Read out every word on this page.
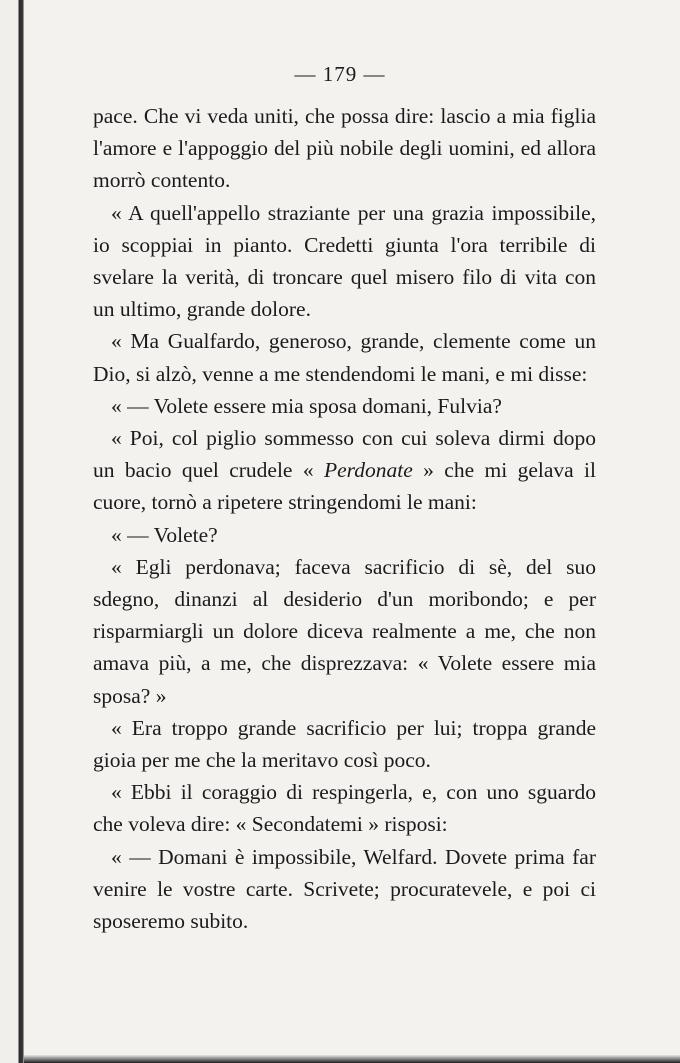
— 179 —

pace. Che vi veda uniti, che possa dire: lascio a mia figlia l'amore e l'appoggio del più nobile degli uomini, ed allora morrò contento.

« A quell'appello straziante per una grazia impossibile, io scoppiai in pianto. Credetti giunta l'ora terribile di svelare la verità, di troncare quel misero filo di vita con un ultimo, grande dolore.

« Ma Gualfardo, generoso, grande, clemente come un Dio, si alzò, venne a me stendendomi le mani, e mi disse:

« — Volete essere mia sposa domani, Fulvia?

« Poi, col piglio sommesso con cui soleva dirmi dopo un bacio quel crudele « Perdonate » che mi gelava il cuore, tornò a ripetere stringendomi le mani:

« — Volete?

« Egli perdonava; faceva sacrificio di sè, del suo sdegno, dinanzi al desiderio d'un moribondo; e per risparmiargli un dolore diceva realmente a me, che non amava più, a me, che disprezzava: « Volete essere mia sposa? »

« Era troppo grande sacrificio per lui; troppa grande gioia per me che la meritavo così poco.

« Ebbi il coraggio di respingerla, e, con uno sguardo che voleva dire: « Secondatemi » risposi:

« — Domani è impossibile, Welfard. Dovete prima far venire le vostre carte. Scrivete; procuratevele, e poi ci sposeremo subito.
